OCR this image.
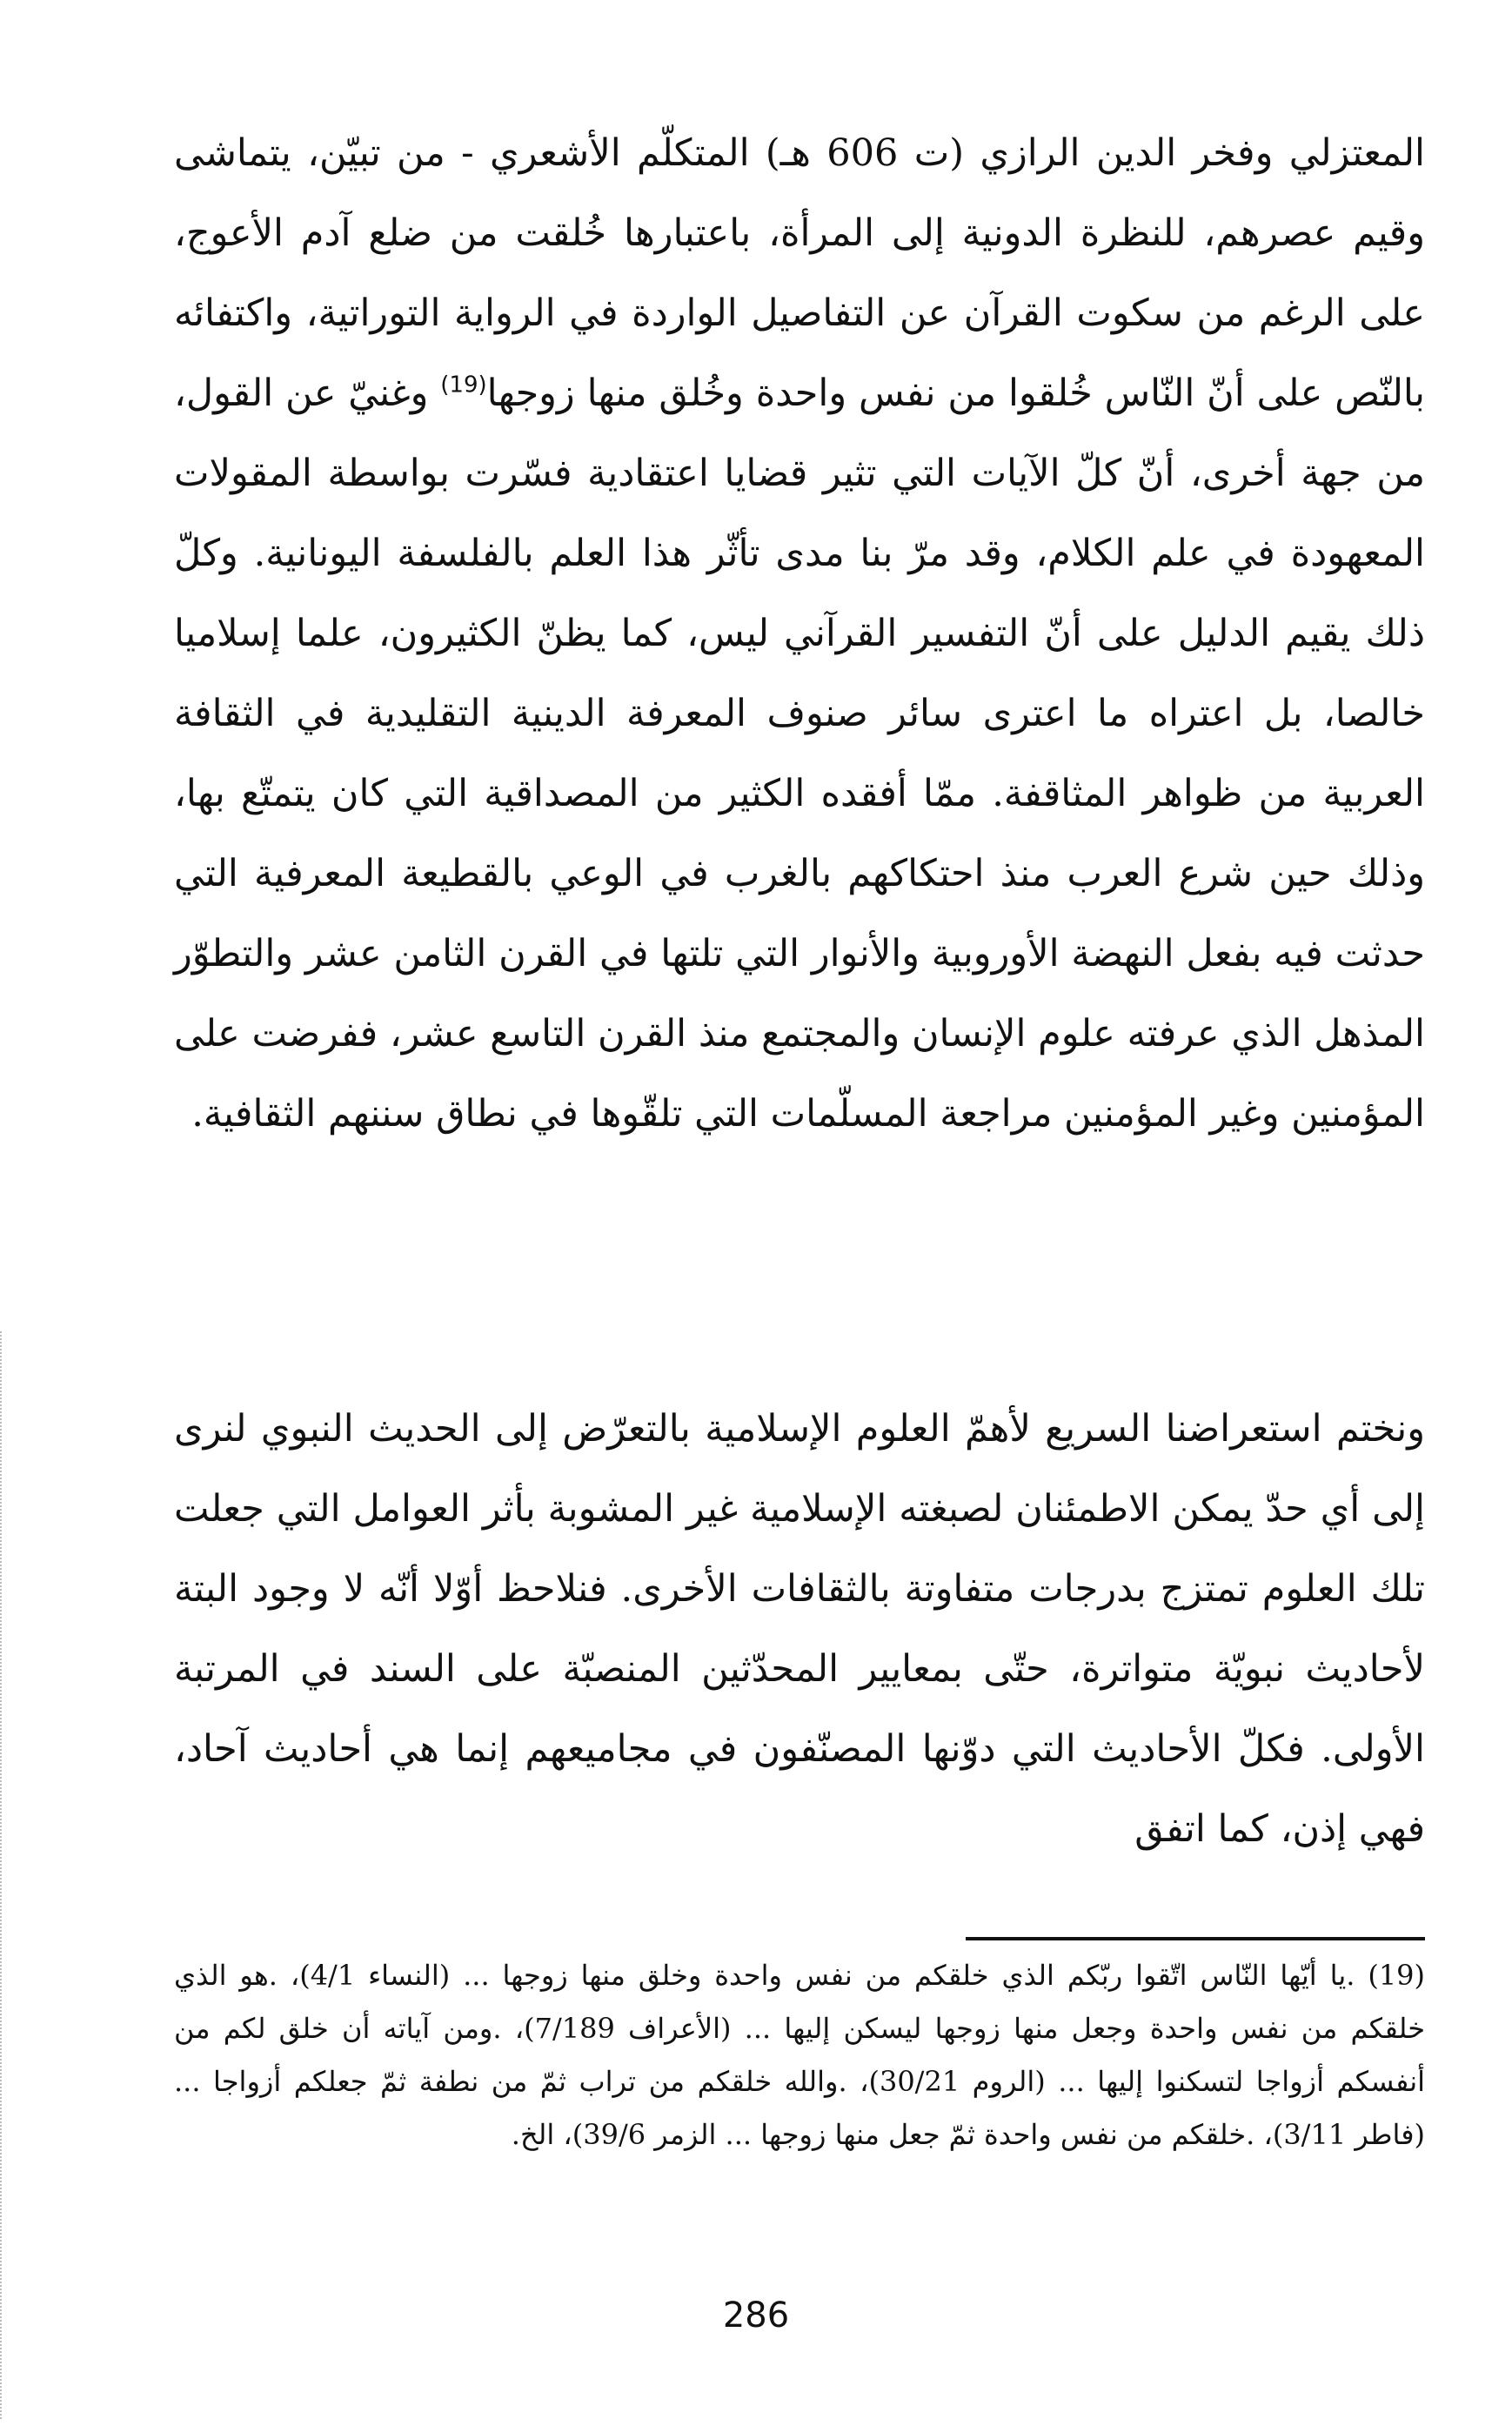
المعتزلي وفخر الدين الرازي (ت 606 هـ) المتكلّم الأشعري - من تبيّن، يتماشى وقيم عصرهم، للنظرة الدونية إلى المرأة، باعتبارها خُلقت من ضلع آدم الأعوج، على الرغم من سكوت القرآن عن التفاصيل الواردة في الرواية التوراتية، واكتفائه بالنّص على أنّ النّاس خُلقوا من نفس واحدة وخُلق منها زوجها$^{(19)}$ وغنيّ عن القول، من جهة أخرى، أنّ كلّ الآيات التي تثير قضايا اعتقادية فسّرت بواسطة المقولات المعهودة في علم الكلام، وقد مرّ بنا مدى تأثّر هذا العلم بالفلسفة اليونانية. وكلّ ذلك يقيم الدليل على أنّ التفسير القرآني ليس، كما يظنّ الكثيرون، علما إسلاميا خالصا، بل اعتراه ما اعترى سائر صنوف المعرفة الدينية التقليدية في الثقافة العربية من ظواهر المثاقفة. ممّا أفقده الكثير من المصداقية التي كان يتمتّع بها، وذلك حين شرع العرب منذ احتكاكهم بالغرب في الوعي بالقطيعة المعرفية التي حدثت فيه بفعل النهضة الأوروبية والأنوار التي تلتها في القرن الثامن عشر والتطوّر المذهل الذي عرفته علوم الإنسان والمجتمع منذ القرن التاسع عشر، ففرضت على المؤمنين وغير المؤمنين مراجعة المسلّمات التي تلقّوها في نطاق سننهم الثقافية.

ونختم استعراضنا السريع لأهمّ العلوم الإسلامية بالتعرّض إلى الحديث النبوي لنرى إلى أي حدّ يمكن الاطمئنان لصبغته الإسلامية غير المشوبة بأثر العوامل التي جعلت تلك العلوم تمتزج بدرجات متفاوتة بالثقافات الأخرى. فنلاحظ أوّلا أنّه لا وجود البتة لأحاديث نبويّة متواترة، حتّى بمعايير المحدّثين المنصبّة على السند في المرتبة الأولى. فكلّ الأحاديث التي دوّنها المصنّفون في مجاميعهم إنما هي أحاديث آحاد، فهي إذن، كما اتفق

(19) .يا أيّها النّاس اتّقوا ربّكم الذي خلقكم من نفس واحدة وخلق منها زوجها ... (النساء 4/1)، .هو الذي خلقكم من نفس واحدة وجعل منها زوجها ليسكن إليها ... (الأعراف 7/189)، .ومن آياته أن خلق لكم من أنفسكم أزواجا لتسكنوا إليها ... (الروم 30/21)، .والله خلقكم من تراب ثمّ من نطفة ثمّ جعلكم أزواجا ... (فاطر 3/11)، .خلقكم من نفس واحدة ثمّ جعل منها زوجها ... الزمر 39/6)، الخ.

286
